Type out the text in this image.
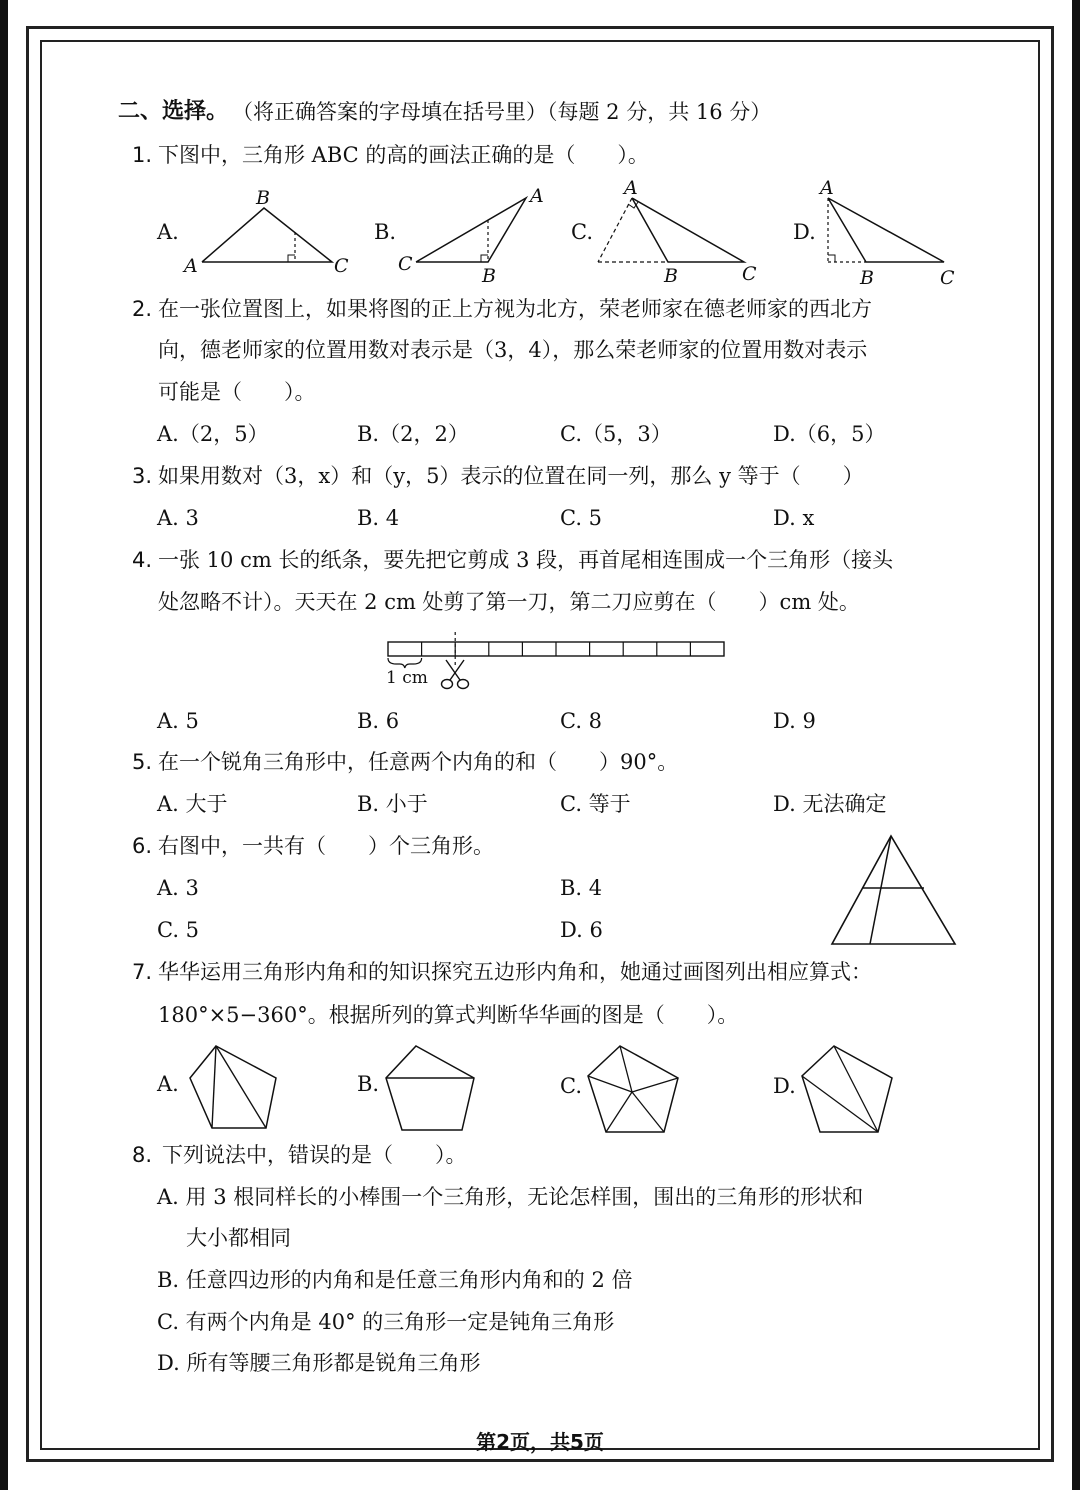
二、选择。 （将正确答案的字母填在括号里）（每题 2 分，共 16 分）
1. 下图中，三角形 ABC 的高的画法正确的是（　　）。
A.
A
B
C
B.
C
A
B
C.
A
B	C
D.
A
B	C
2. 在一张位置图上，如果将图的正上方视为北方，荣老师家在德老师家的西北方
向，德老师家的位置用数对表示是（3，4），那么荣老师家的位置用数对表示
可能是（　　）。
A.（2，5）	B.（2，2）	C.（5，3）	D.（6，5）
3. 如果用数对（3，x）和（y，5）表示的位置在同一列，那么 y 等于（　　）
A. 3	B. 4	C. 5	D. x
4. 一张 10 cm 长的纸条，要先把它剪成 3 段，再首尾相连围成一个三角形（接头
处忽略不计）。天天在 2 cm 处剪了第一刀，第二刀应剪在（　　）cm 处。
1 cm
A. 5	B. 6	C. 8	D. 9
5. 在一个锐角三角形中，任意两个内角的和（　　）90°。
A. 大于	B. 小于	C. 等于	D. 无法确定
6. 右图中，一共有（　　）个三角形。
A. 3	B. 4
C. 5	D. 6
7. 华华运用三角形内角和的知识探究五边形内角和，她通过画图列出相应算式：
180°×5−360°。根据所列的算式判断华华画的图是（　　）。
A.	B.	C.	D.
8. 下列说法中，错误的是（　　）。
A. 用 3 根同样长的小棒围一个三角形，无论怎样围，围出的三角形的形状和
大小都相同
B. 任意四边形的内角和是任意三角形内角和的 2 倍
C. 有两个内角是 40° 的三角形一定是钝角三角形
D. 所有等腰三角形都是锐角三角形
第2页，共5页
